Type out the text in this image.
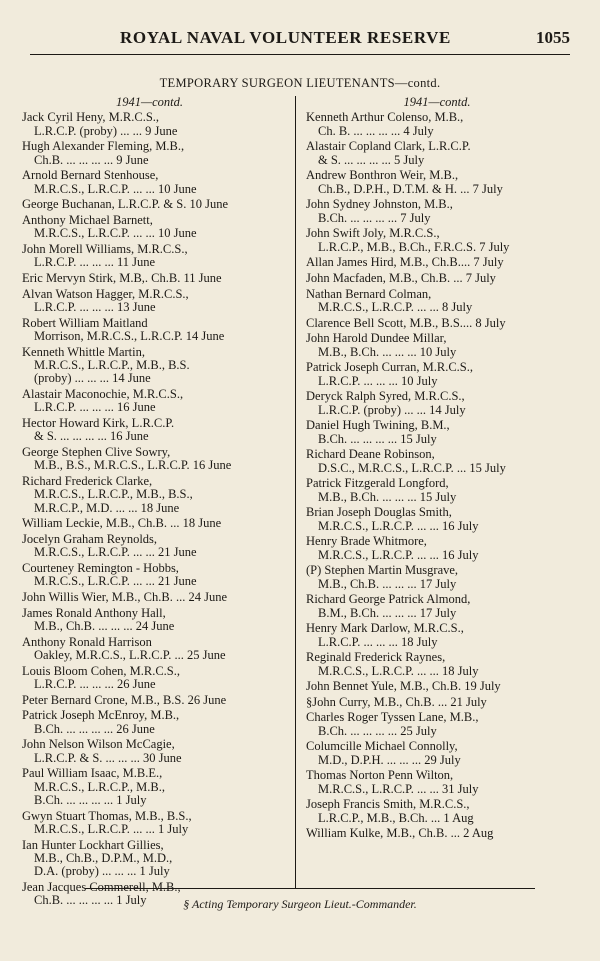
ROYAL NAVAL VOLUNTEER RESERVE	1055
TEMPORARY SURGEON LIEUTENANTS—contd.
1941—contd.
Jack Cyril Heny, M.R.C.S.,
L.R.C.P. (proby) ... ... 9 June
Hugh Alexander Fleming, M.B.,
Ch.B. ... ... ... ... 9 June
Arnold Bernard Stenhouse,
M.R.C.S., L.R.C.P. ... ... 10 June
George Buchanan, L.R.C.P. & S. 10 June
Anthony Michael Barnett,
M.R.C.S., L.R.C.P. ... ... 10 June
John Morell Williams, M.R.C.S.,
L.R.C.P. ... ... ... 11 June
Eric Mervyn Stirk, M.B,. Ch.B. 11 June
Alvan Watson Hagger, M.R.C.S.,
L.R.C.P. ... ... ... 13 June
Robert William Maitland
Morrison, M.R.C.S., L.R.C.P. 14 June
Kenneth Whittle Martin,
M.R.C.S., L.R.C.P., M.B., B.S.
(proby) ... ... ... 14 June
Alastair Maconochie, M.R.C.S.,
L.R.C.P. ... ... ... 16 June
Hector Howard Kirk, L.R.C.P.
& S. ... ... ... ... 16 June
George Stephen Clive Sowry,
M.B., B.S., M.R.C.S., L.R.C.P. 16 June
Richard Frederick Clarke,
M.R.C.S., L.R.C.P., M.B., B.S.,
M.R.C.P., M.D. ... ... 18 June
William Leckie, M.B., Ch.B. ... 18 June
Jocelyn Graham Reynolds,
M.R.C.S., L.R.C.P. ... ... 21 June
Courteney Remington - Hobbs,
M.R.C.S., L.R.C.P. ... ... 21 June
John Willis Wier, M.B., Ch.B. ... 24 June
James Ronald Anthony Hall,
M.B., Ch.B. ... ... ... 24 June
Anthony Ronald Harrison
Oakley, M.R.C.S., L.R.C.P. ... 25 June
Louis Bloom Cohen, M.R.C.S.,
L.R.C.P. ... ... ... 26 June
Peter Bernard Crone, M.B., B.S. 26 June
Patrick Joseph McEnroy, M.B.,
B.Ch. ... ... ... ... 26 June
John Nelson Wilson McCagie,
L.R.C.P. & S. ... ... ... 30 June
Paul William Isaac, M.B.E.,
M.R.C.S., L.R.C.P., M.B.,
B.Ch. ... ... ... ... 1 July
Gwyn Stuart Thomas, M.B., B.S.,
M.R.C.S., L.R.C.P. ... ... 1 July
Ian Hunter Lockhart Gillies,
M.B., Ch.B., D.P.M., M.D.,
D.A. (proby) ... ... ... 1 July
Jean Jacques Commerell, M.B.,
Ch.B. ... ... ... ... 1 July
1941—contd.
Kenneth Arthur Colenso, M.B.,
Ch. B. ... ... ... ... 4 July
Alastair Copland Clark, L.R.C.P.
& S. ... ... ... ... 5 July
Andrew Bonthron Weir, M.B.,
Ch.B., D.P.H., D.T.M. & H. ... 7 July
John Sydney Johnston, M.B.,
B.Ch. ... ... ... ... 7 July
John Swift Joly, M.R.C.S.,
L.R.C.P., M.B., B.Ch., F.R.C.S. 7 July
Allan James Hird, M.B., Ch.B.... 7 July
John Macfaden, M.B., Ch.B. ... 7 July
Nathan Bernard Colman,
M.R.C.S., L.R.C.P. ... ... 8 July
Clarence Bell Scott, M.B., B.S.... 8 July
John Harold Dundee Millar,
M.B., B.Ch. ... ... ... 10 July
Patrick Joseph Curran, M.R.C.S.,
L.R.C.P. ... ... ... 10 July
Deryck Ralph Syred, M.R.C.S.,
L.R.C.P. (proby) ... ... 14 July
Daniel Hugh Twining, B.M.,
B.Ch. ... ... ... ... 15 July
Richard Deane Robinson,
D.S.C., M.R.C.S., L.R.C.P. ... 15 July
Patrick Fitzgerald Longford,
M.B., B.Ch. ... ... ... 15 July
Brian Joseph Douglas Smith,
M.R.C.S., L.R.C.P. ... ... 16 July
Henry Brade Whitmore,
M.R.C.S., L.R.C.P. ... ... 16 July
(P) Stephen Martin Musgrave,
M.B., Ch.B. ... ... ... 17 July
Richard George Patrick Almond,
B.M., B.Ch. ... ... ... 17 July
Henry Mark Darlow, M.R.C.S.,
L.R.C.P. ... ... ... 18 July
Reginald Frederick Raynes,
M.R.C.S., L.R.C.P. ... ... 18 July
John Bennet Yule, M.B., Ch.B. 19 July
§John Curry, M.B., Ch.B. ... 21 July
Charles Roger Tyssen Lane, M.B.,
B.Ch. ... ... ... ... 25 July
Columcille Michael Connolly,
M.D., D.P.H. ... ... ... 29 July
Thomas Norton Penn Wilton,
M.R.C.S., L.R.C.P. ... ... 31 July
Joseph Francis Smith, M.R.C.S.,
L.R.C.P., M.B., B.Ch. ... 1 Aug
William Kulke, M.B., Ch.B. ... 2 Aug
§ Acting Temporary Surgeon Lieut.-Commander.
